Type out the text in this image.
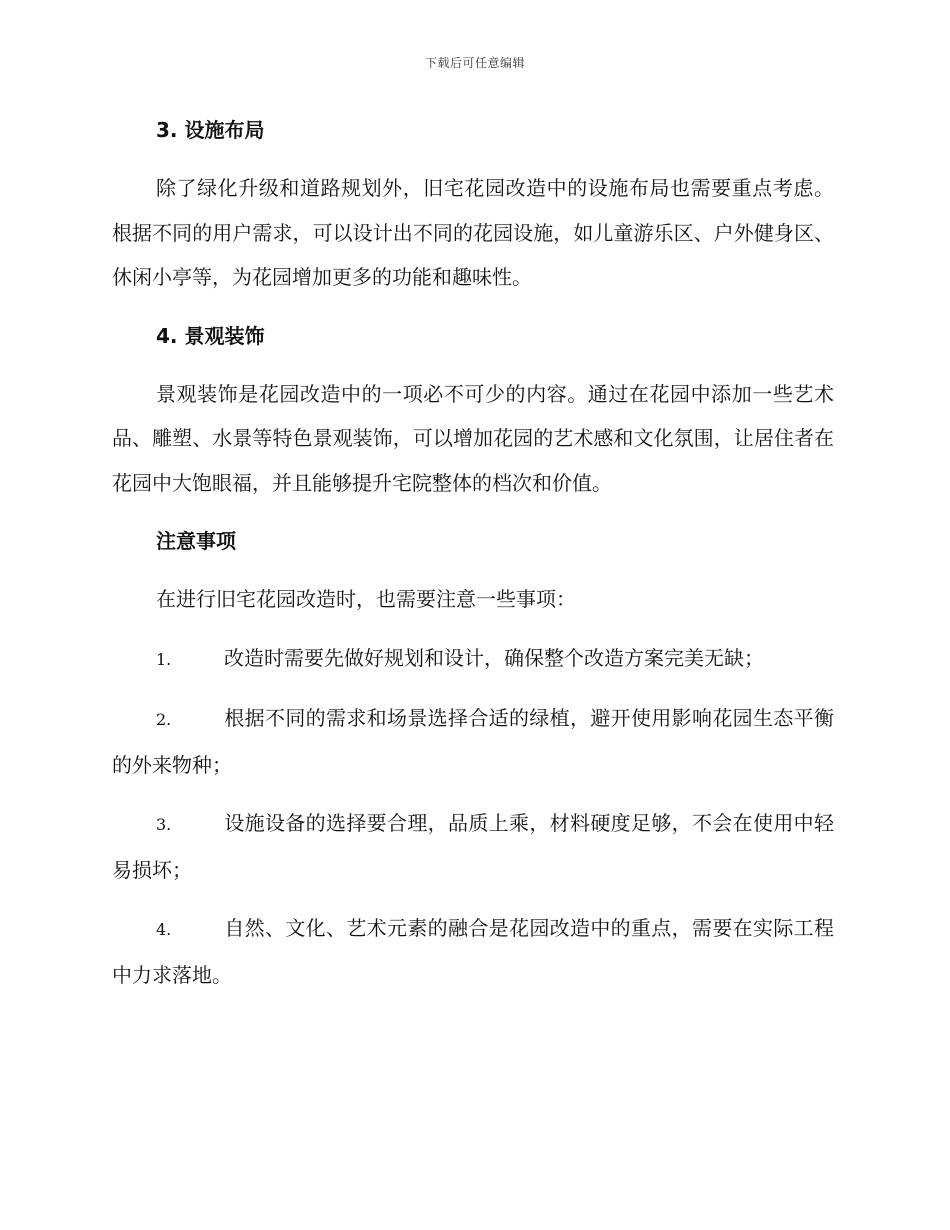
下载后可任意编辑
3. 设施布局

除了绿化升级和道路规划外，旧宅花园改造中的设施布局也需要重点考虑。根据不同的用户需求，可以设计出不同的花园设施，如儿童游乐区、户外健身区、休闲小亭等，为花园增加更多的功能和趣味性。

4. 景观装饰

景观装饰是花园改造中的一项必不可少的内容。通过在花园中添加一些艺术品、雕塑、水景等特色景观装饰，可以增加花园的艺术感和文化氛围，让居住者在花园中大饱眼福，并且能够提升宅院整体的档次和价值。

注意事项

在进行旧宅花园改造时，也需要注意一些事项：

1.	改造时需要先做好规划和设计，确保整个改造方案完美无缺；

2.	根据不同的需求和场景选择合适的绿植，避开使用影响花园生态平衡的外来物种；

3.	设施设备的选择要合理，品质上乘，材料硬度足够，不会在使用中轻易损坏；

4.	自然、文化、艺术元素的融合是花园改造中的重点，需要在实际工程中力求落地。
